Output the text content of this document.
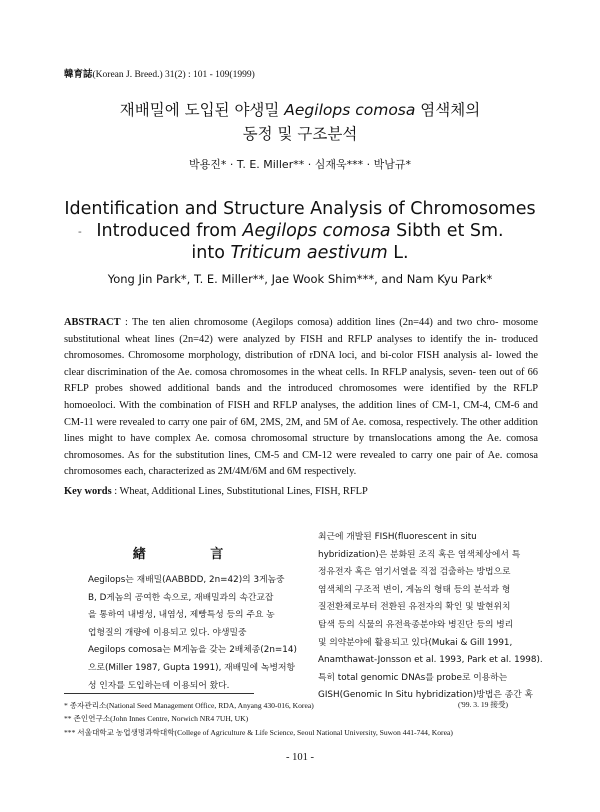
韓育誌(Korean J. Breed.) 31(2) : 101 - 109(1999)
재배밀에 도입된 야생밀 Aegilops comosa 염색체의
동정 및 구조분석
박용진* · T. E. Miller** · 심재욱*** · 박남규*
Identification and Structure Analysis of Chromosomes
Introduced from Aegilops comosa Sibth et Sm.
into Triticum aestivum L.
-
Yong Jin Park*, T. E. Miller**, Jae Wook Shim***, and Nam Kyu Park*
ABSTRACT : The ten alien chromosome (Aegilops comosa) addition lines (2n=44) and two chro- mosome substitutional wheat lines (2n=42) were analyzed by FISH and RFLP analyses to identify the in- troduced chromosomes. Chromosome morphology, distribution of rDNA loci, and bi-color FISH analysis al- lowed the clear discrimination of the Ae. comosa chromosomes in the wheat cells. In RFLP analysis, seven- teen out of 66 RFLP probes showed additional bands and the introduced chromosomes were identified by the RFLP homoeoloci. With the combination of FISH and RFLP analyses, the addition lines of CM-1, CM-4, CM-6 and CM-11 were revealed to carry one pair of 6M, 2MS, 2M, and 5M of Ae. comosa, respectively. The other addition lines might to have complex Ae. comosa chromosomal structure by trnanslocations among the Ae. comosa chromosomes. As for the substitution lines, CM-5 and CM-12 were revealed to carry one pair of Ae. comosa chromosomes each, characterized as 2M/4M/6M and 6M respectively.
Key words : Wheat, Additional Lines, Substitutional Lines, FISH, RFLP
緖 言

Aegilops는 재배밀(AABBDD, 2n=42)의 3게놈중

B, D게놈의 공여한 속으로, 재배밀과의 속간교잡

을 통하여 내병성, 내염성, 제빵특성 등의 주요 농

업형질의 개량에 이용되고 있다. 야생밀중

Aegilops comosa는 M게놈을 갖는 2배체종(2n=14)

으로(Miller 1987, Gupta 1991), 재배밀에 녹병저항

성 인자를 도입하는데 이용되어 왔다.

최근에 개발된 FISH(fluorescent in situ

hybridization)은 분화된 조직 혹은 염색체상에서 특

정유전자 혹은 염기서열을 직접 검출하는 방법으로

염색체의 구조적 변이, 게놈의 형태 등의 분석과 형

질전환체로부터 전환된 유전자의 확인 및 발현위치

탐색 등의 식물의 유전육종분야와 병진단 등의 병리

및 의약분야에 활용되고 있다(Mukai & Gill 1991,

Anamthawat-Jonsson et al. 1993, Park et al. 1998).

특히 total genomic DNAs를 probe로 이용하는

GISH(Genomic In Situ hybridization)방법은 종간 혹

* 종자관리소(National Seed Management Office, RDA, Anyang 430-016, Korea)

** 존인연구소(John Innes Centre, Norwich NR4 7UH, UK)

*** 서울대학교 농업생명과학대학(College of Agriculture & Life Science, Seoul National University, Suwon 441-744, Korea)

('99. 3. 19 接受)
- 101 -
